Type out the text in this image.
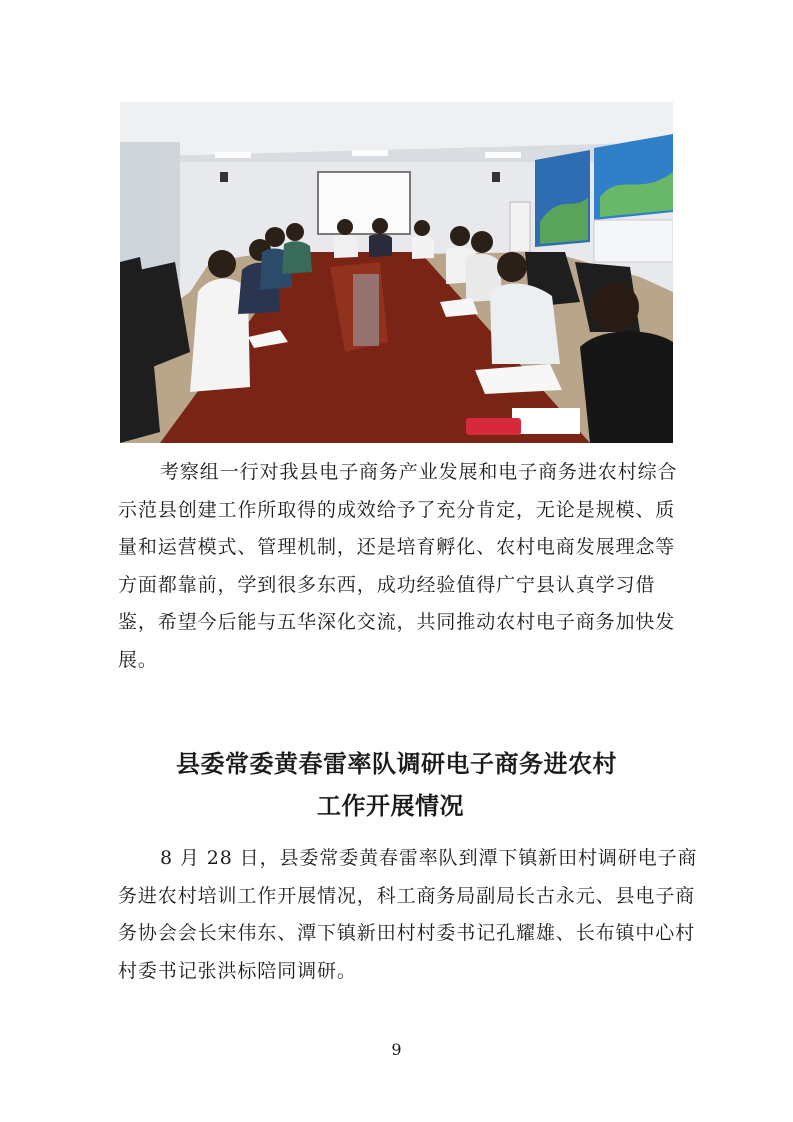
考察组一行对我县电子商务产业发展和电子商务进农村综合示范县创建工作所取得的成效给予了充分肯定，无论是规模、质量和运营模式、管理机制，还是培育孵化、农村电商发展理念等方面都靠前，学到很多东西，成功经验值得广宁县认真学习借鉴，希望今后能与五华深化交流，共同推动农村电子商务加快发展。

县委常委黄春雷率队调研电子商务进农村
工作开展情况

8 月 28 日，县委常委黄春雷率队到潭下镇新田村调研电子商务进农村培训工作开展情况，科工商务局副局长古永元、县电子商务协会会长宋伟东、潭下镇新田村村委书记孔耀雄、长布镇中心村村委书记张洪标陪同调研。

9
